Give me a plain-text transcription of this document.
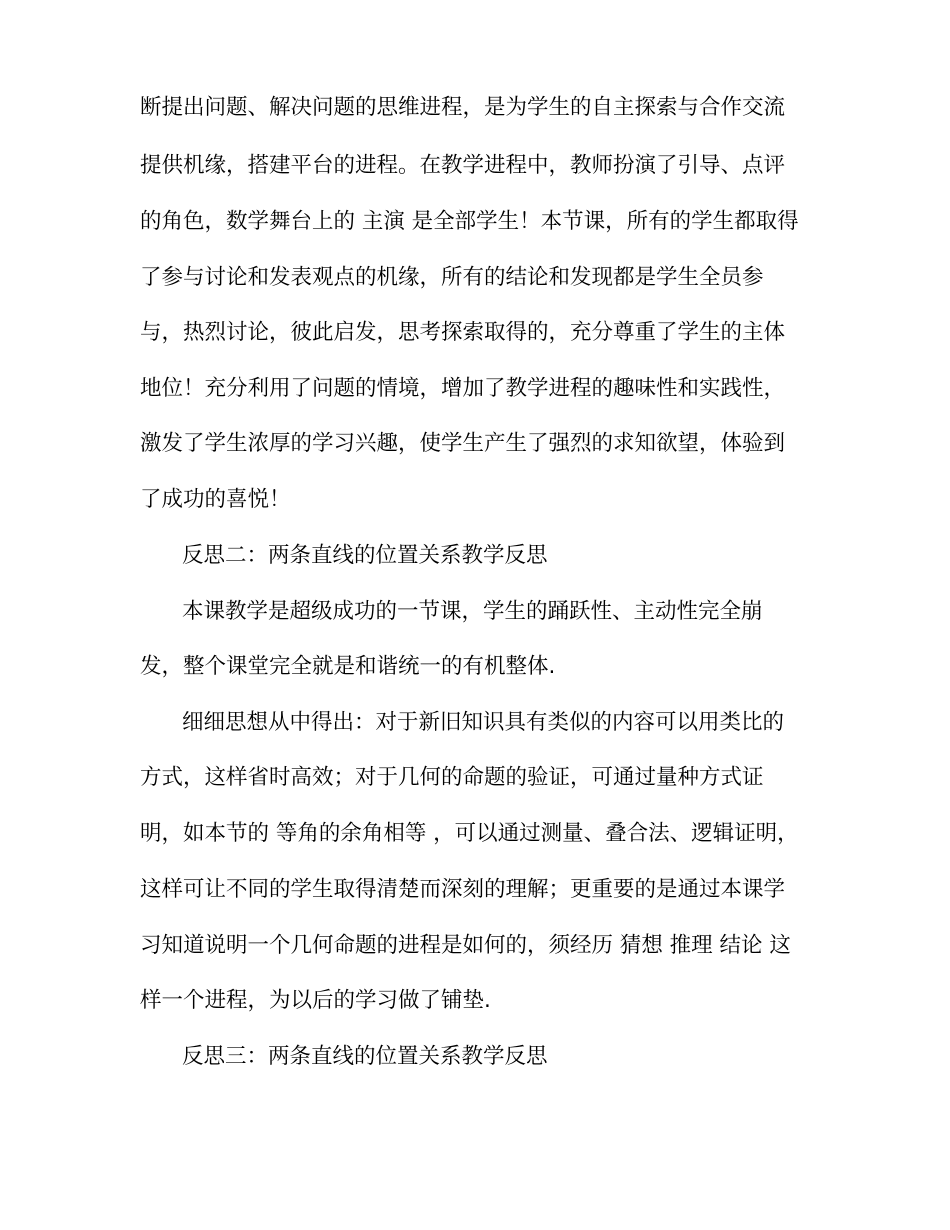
断提出问题、解决问题的思维进程，是为学生的自主探索与合作交流
提供机缘，搭建平台的进程。在教学进程中，教师扮演了引导、点评
的角色，数学舞台上的 主演 是全部学生！本节课，所有的学生都取得
了参与讨论和发表观点的机缘，所有的结论和发现都是学生全员参
与，热烈讨论，彼此启发，思考探索取得的，充分尊重了学生的主体
地位！充分利用了问题的情境，增加了教学进程的趣味性和实践性，
激发了学生浓厚的学习兴趣，使学生产生了强烈的求知欲望，体验到
了成功的喜悦！
反思二：两条直线的位置关系教学反思
本课教学是超级成功的一节课，学生的踊跃性、主动性完全崩
发，整个课堂完全就是和谐统一的有机整体.
细细思想从中得出：对于新旧知识具有类似的内容可以用类比的
方式，这样省时高效；对于几何的命题的验证，可通过量种方式证
明，如本节的 等角的余角相等 ，可以通过测量、叠合法、逻辑证明，
这样可让不同的学生取得清楚而深刻的理解；更重要的是通过本课学
习知道说明一个几何命题的进程是如何的，须经历 猜想 推理 结论 这
样一个进程，为以后的学习做了铺垫.
反思三：两条直线的位置关系教学反思
